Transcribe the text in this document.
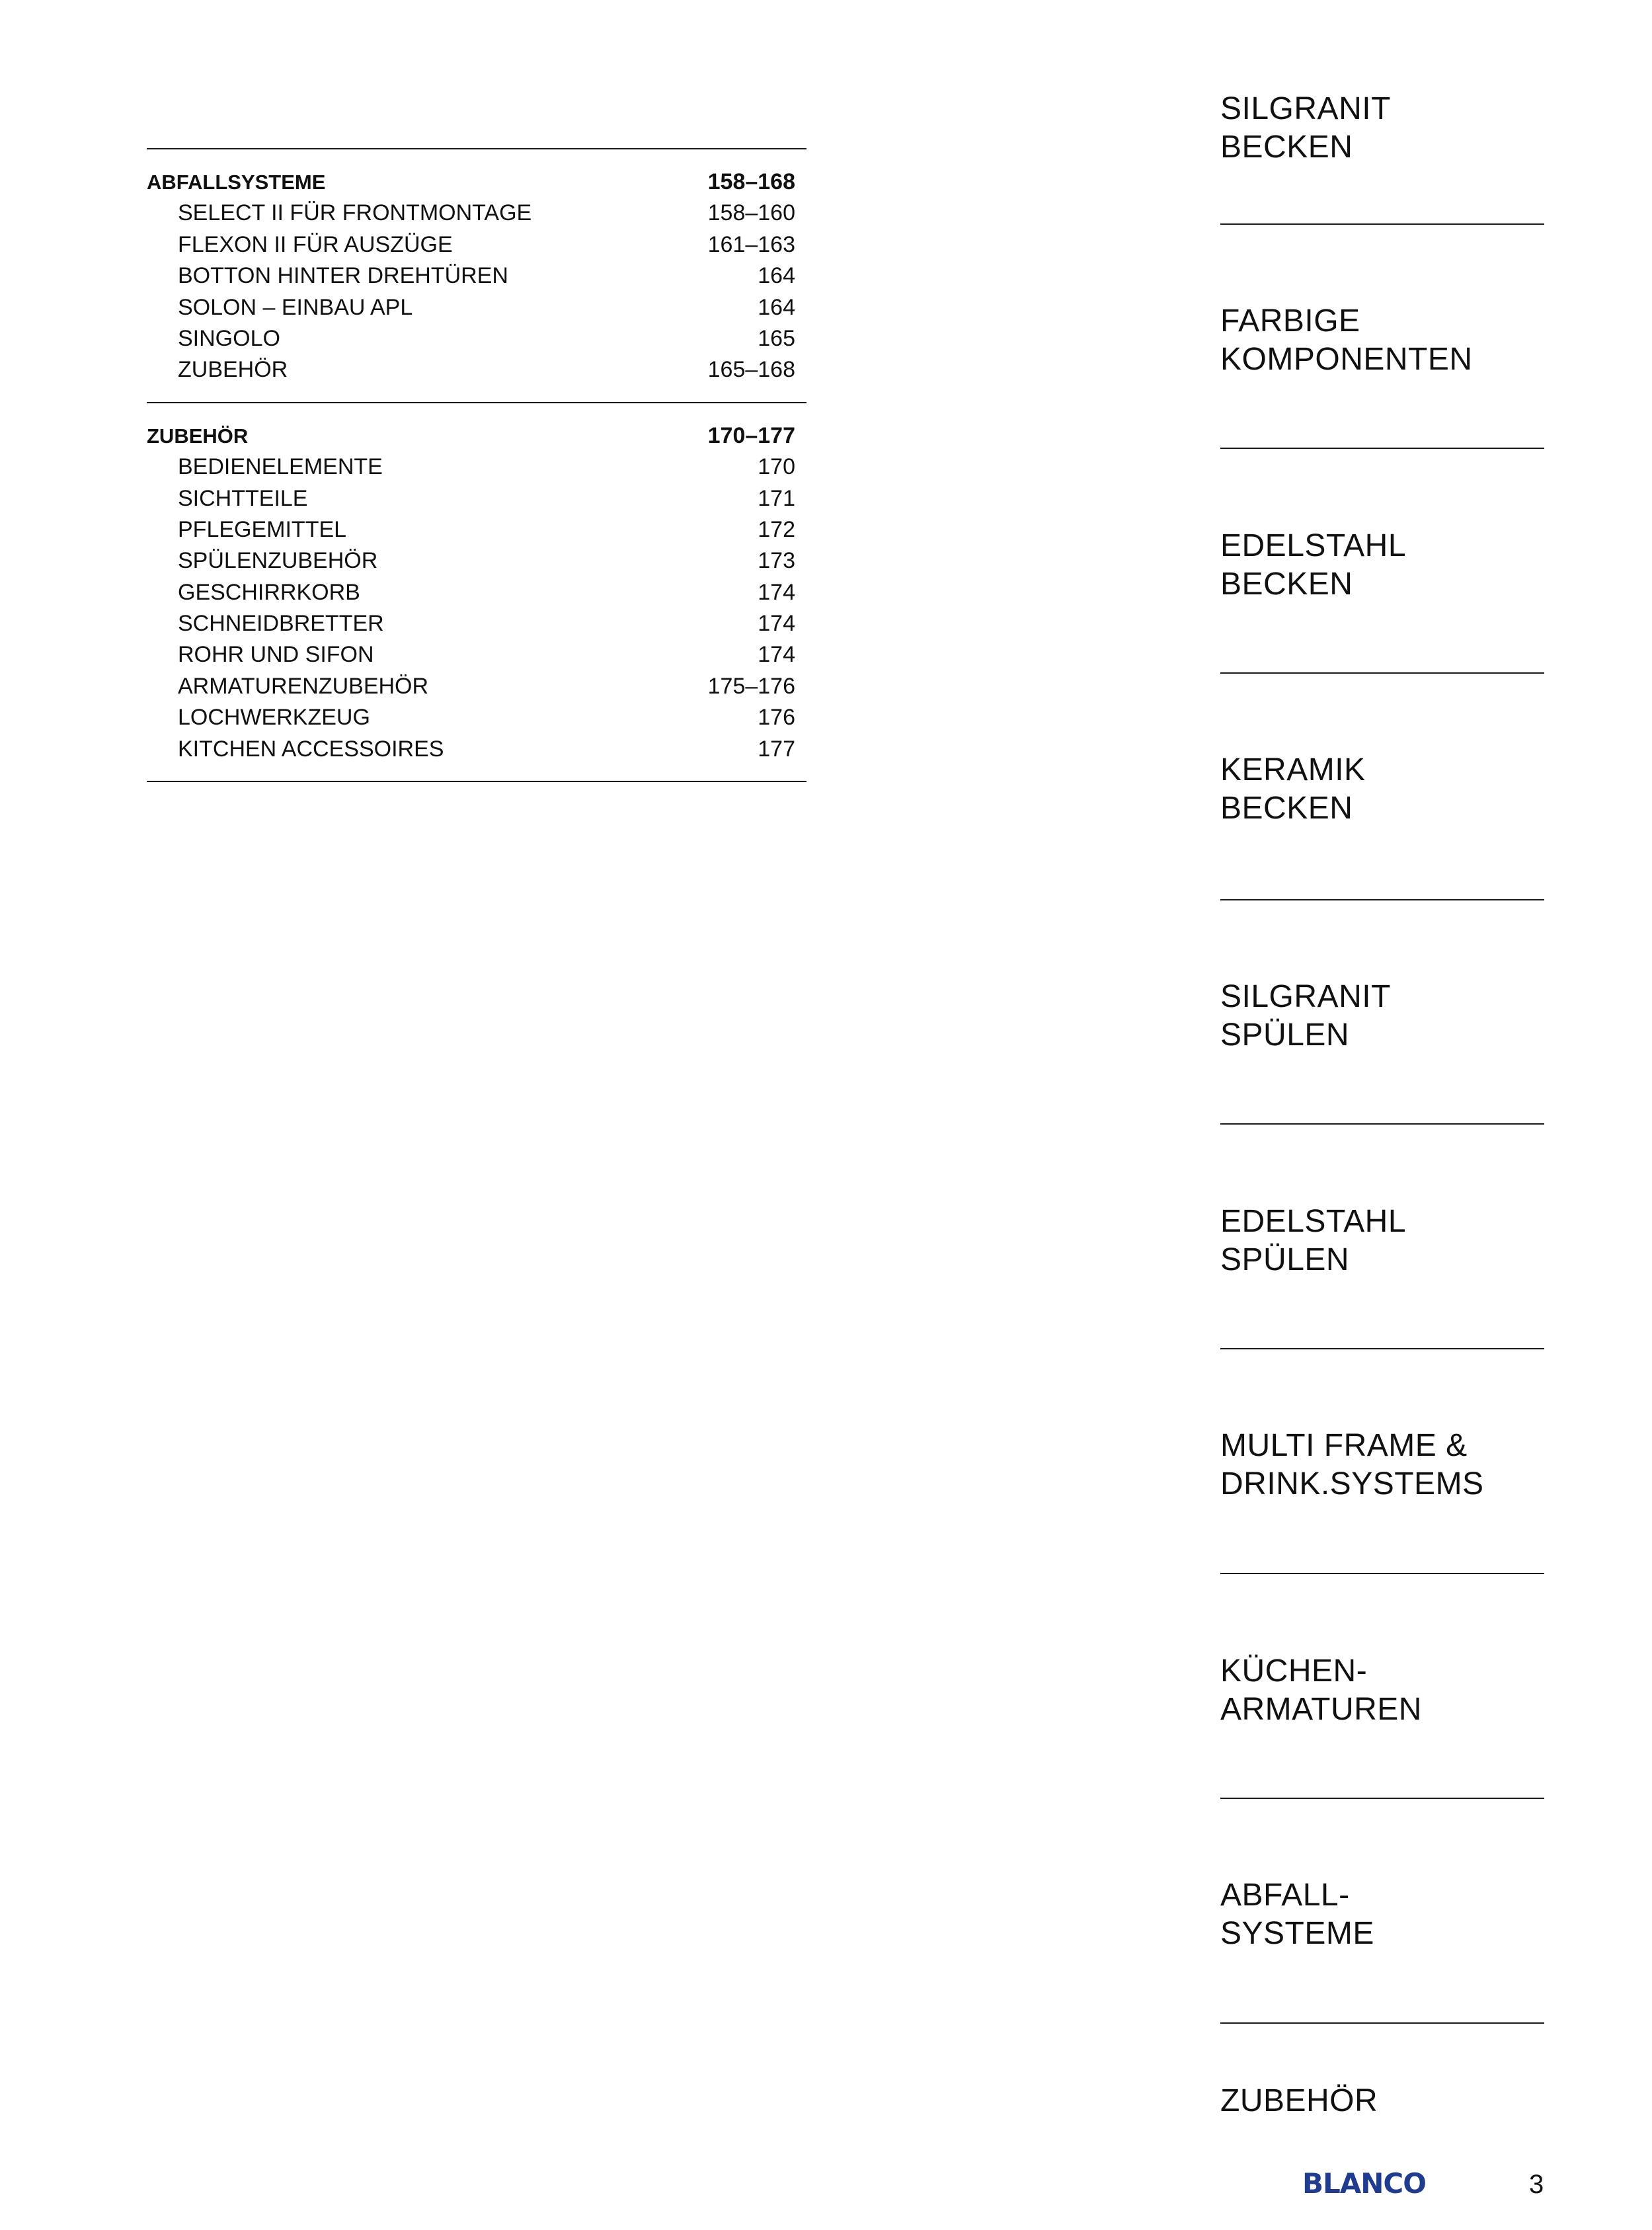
ABFALLSYSTEME	158–168
SELECT II FÜR FRONTMONTAGE	158–160
FLEXON II FÜR AUSZÜGE	161–163
BOTTON HINTER DREHTÜREN	164
SOLON – EINBAU APL	164
SINGOLO	165
ZUBEHÖR	165–168
ZUBEHÖR	170–177
BEDIENELEMENTE	170
SICHTTEILE	171
PFLEGEMITTEL	172
SPÜLENZUBEHÖR	173
GESCHIRRKORB	174
SCHNEIDBRETTER	174
ROHR UND SIFON	174
ARMATURENZUBEHÖR	175–176
LOCHWERKZEUG	176
KITCHEN ACCESSOIRES	177
SILGRANIT
BECKEN
FARBIGE
KOMPONENTEN
EDELSTAHL
BECKEN
KERAMIK
BECKEN
SILGRANIT
SPÜLEN
EDELSTAHL
SPÜLEN
MULTI FRAME &
DRINK.SYSTEMS
KÜCHEN-
ARMATUREN
ABFALL-
SYSTEME
ZUBEHÖR
BLANCO	3
